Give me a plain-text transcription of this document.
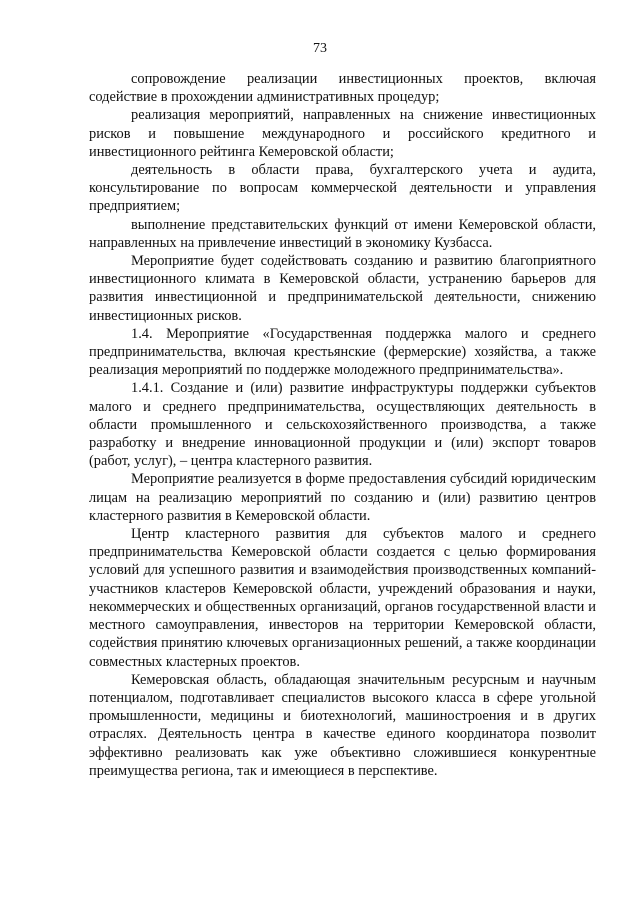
73

сопровождение реализации инвестиционных проектов, включая содействие в прохождении административных процедур;

реализация мероприятий, направленных на снижение инвестиционных рисков и повышение международного и российского кредитного и инвестиционного рейтинга Кемеровской области;

деятельность в области права, бухгалтерского учета и аудита, консультирование по вопросам коммерческой деятельности и управления предприятием;

выполнение представительских функций от имени Кемеровской области, направленных на привлечение инвестиций в экономику Кузбасса.

Мероприятие будет содействовать созданию и развитию благоприятного инвестиционного климата в Кемеровской области, устранению барьеров для развития инвестиционной и предпринимательской деятельности, снижению инвестиционных рисков.

1.4. Мероприятие «Государственная поддержка малого и среднего предпринимательства, включая крестьянские (фермерские) хозяйства, а также реализация мероприятий по поддержке молодежного предпринимательства».

1.4.1. Создание и (или) развитие инфраструктуры поддержки субъектов малого и среднего предпринимательства, осуществляющих деятельность в области промышленного и сельскохозяйственного производства, а также разработку и внедрение инновационной продукции и (или) экспорт товаров (работ, услуг), – центра кластерного развития.

Мероприятие реализуется в форме предоставления субсидий юридическим лицам на реализацию мероприятий по созданию и (или) развитию центров кластерного развития в Кемеровской области.

Центр кластерного развития для субъектов малого и среднего предпринимательства Кемеровской области создается с целью формирования условий для успешного развития и взаимодействия производственных компаний-участников кластеров Кемеровской области, учреждений образования и науки, некоммерческих и общественных организаций, органов государственной власти и местного самоуправления, инвесторов на территории Кемеровской области, содействия принятию ключевых организационных решений, а также координации совместных кластерных проектов.

Кемеровская область, обладающая значительным ресурсным и научным потенциалом, подготавливает специалистов высокого класса в сфере угольной промышленности, медицины и биотехнологий, машиностроения и в других отраслях. Деятельность центра в качестве единого координатора позволит эффективно реализовать как уже объективно сложившиеся конкурентные преимущества региона, так и имеющиеся в перспективе.
